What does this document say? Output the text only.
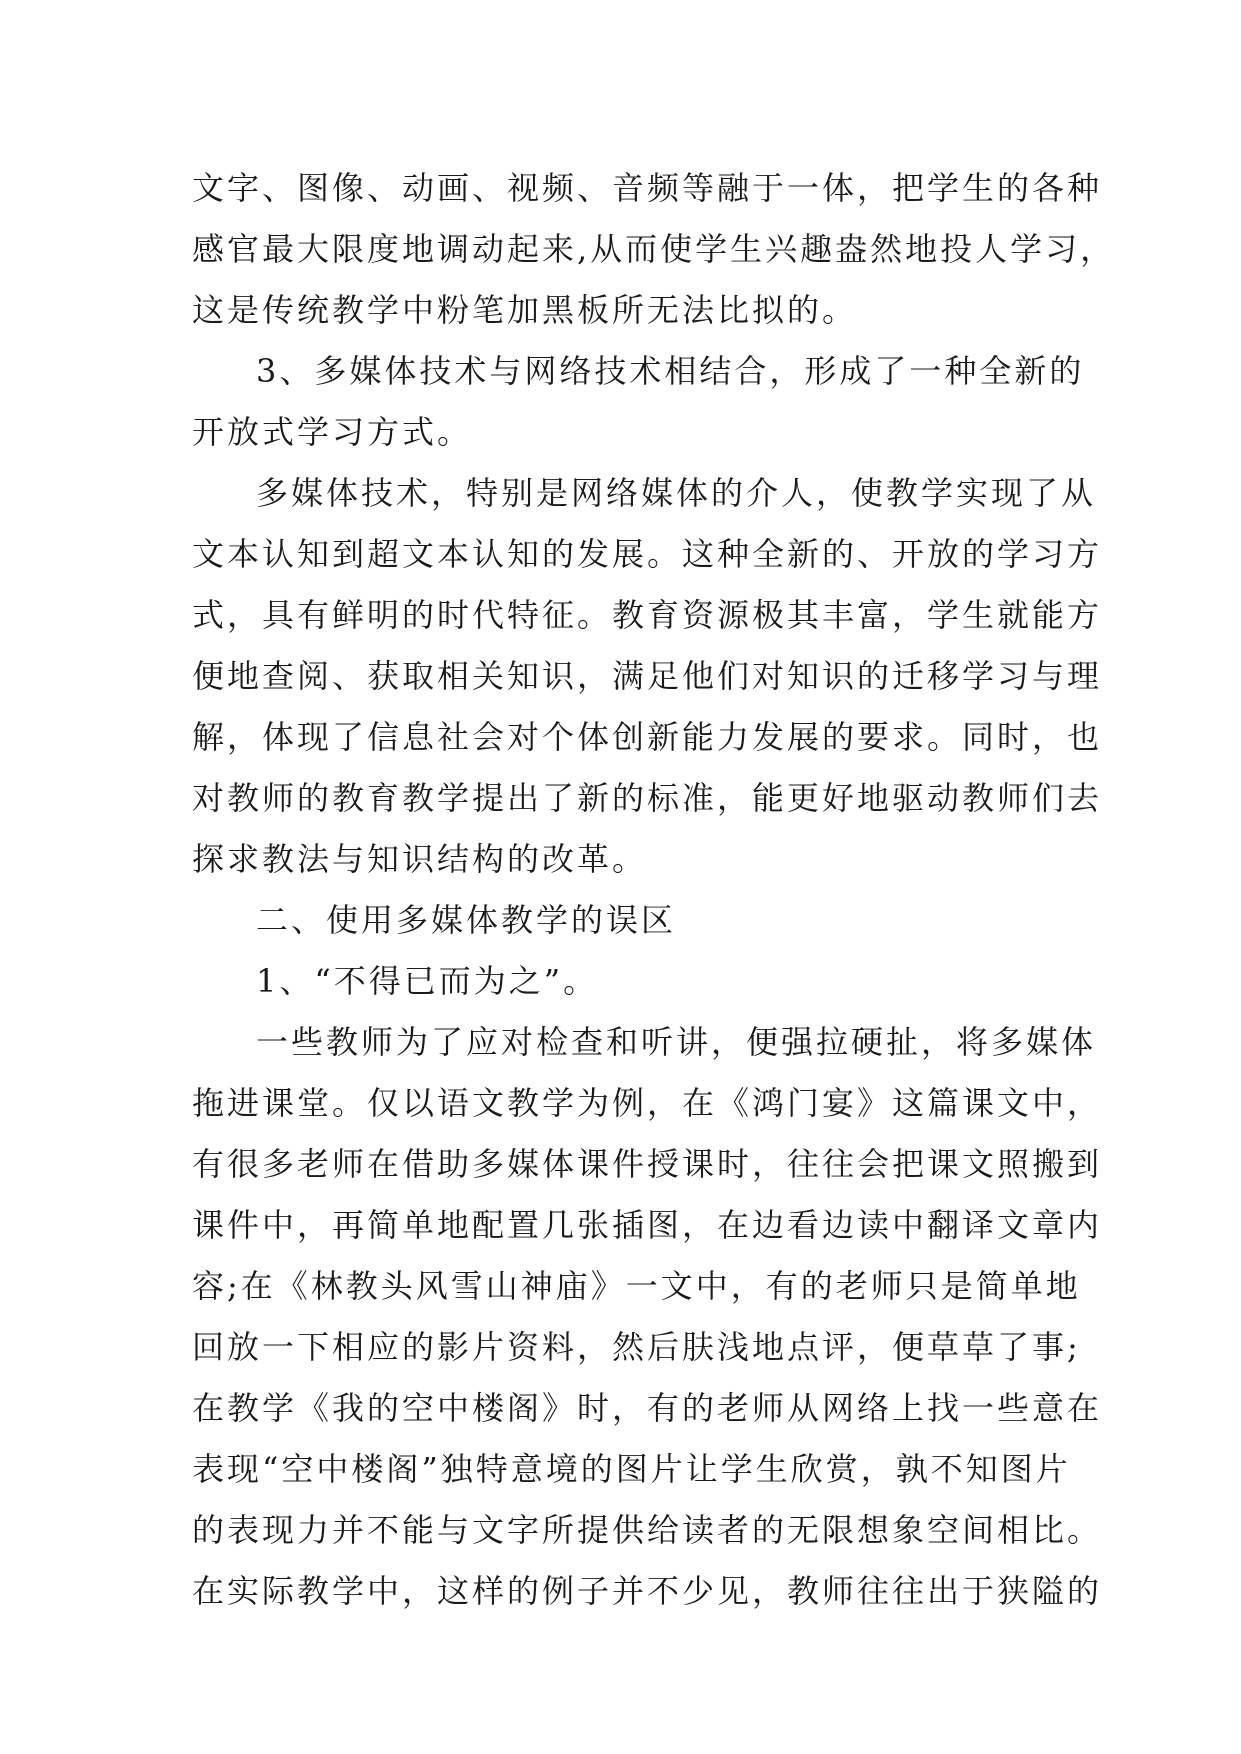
文字、图像、动画、视频、音频等融于一体，把学生的各种
感官最大限度地调动起来,从而使学生兴趣盎然地投人学习，
这是传统教学中粉笔加黑板所无法比拟的。
3、多媒体技术与网络技术相结合，形成了一种全新的
开放式学习方式。
多媒体技术，特别是网络媒体的介人，使教学实现了从
文本认知到超文本认知的发展。这种全新的、开放的学习方
式，具有鲜明的时代特征。教育资源极其丰富，学生就能方
便地查阅、获取相关知识，满足他们对知识的迁移学习与理
解，体现了信息社会对个体创新能力发展的要求。同时，也
对教师的教育教学提出了新的标准，能更好地驱动教师们去
探求教法与知识结构的改革。
二、使用多媒体教学的误区
1、“不得已而为之”。
一些教师为了应对检查和听讲，便强拉硬扯，将多媒体
拖进课堂。仅以语文教学为例，在《鸿门宴》这篇课文中，
有很多老师在借助多媒体课件授课时，往往会把课文照搬到
课件中，再简单地配置几张插图，在边看边读中翻译文章内
容;在《林教头风雪山神庙》一文中，有的老师只是简单地
回放一下相应的影片资料，然后肤浅地点评，便草草了事;
在教学《我的空中楼阁》时，有的老师从网络上找一些意在
表现“空中楼阁”独特意境的图片让学生欣赏，孰不知图片
的表现力并不能与文字所提供给读者的无限想象空间相比。
在实际教学中，这样的例子并不少见，教师往往出于狭隘的
